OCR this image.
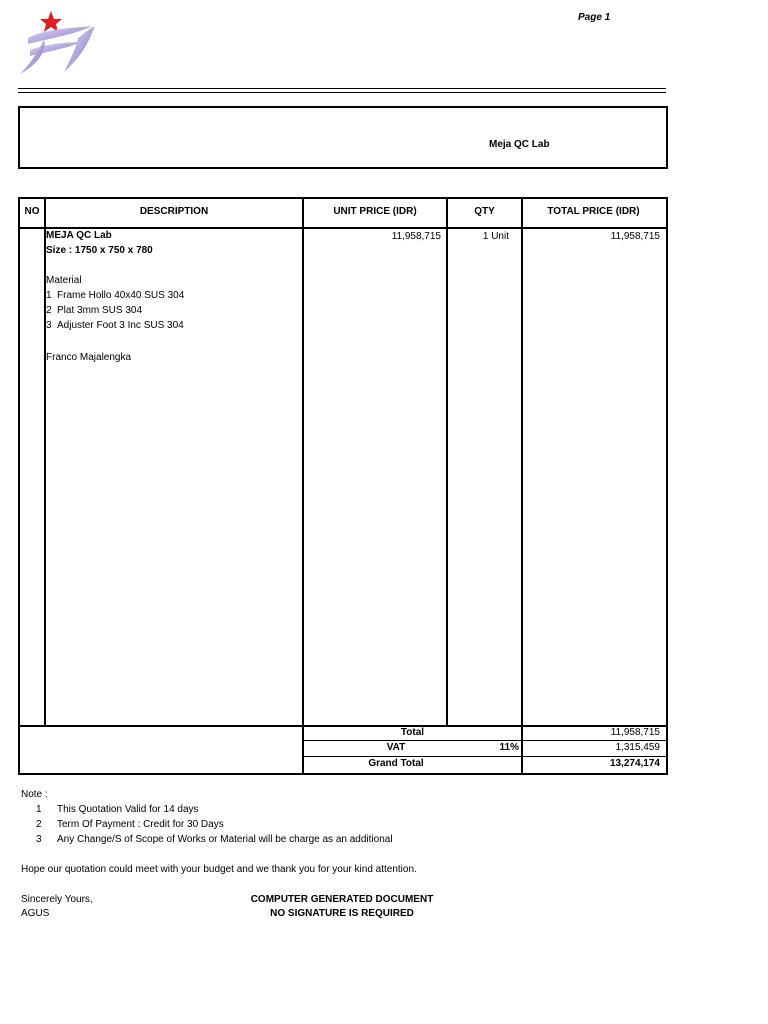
Page 1
Meja QC Lab
NO	DESCRIPTION	UNIT PRICE (IDR)	QTY	TOTAL PRICE (IDR)
MEJA QC Lab
Size : 1750 x 750 x 780
Material
1 Frame Hollo 40x40 SUS 304
2 Plat 3mm SUS 304
3 Adjuster Foot 3 Inc SUS 304
Franco Majalengka
11,958,715	1 Unit	11,958,715
Total	11,958,715
VAT	11%	1,315,459
Grand Total	13,274,174
Note :
1 This Quotation Valid for 14 days
2 Term Of Payment : Credit for 30 Days
3 Any Change/S of Scope of Works or Material will be charge as an additional
Hope our quotation could meet with your budget and we thank you for your kind attention.
Sincerely Yours,
AGUS
COMPUTER GENERATED DOCUMENT
NO SIGNATURE IS REQUIRED
